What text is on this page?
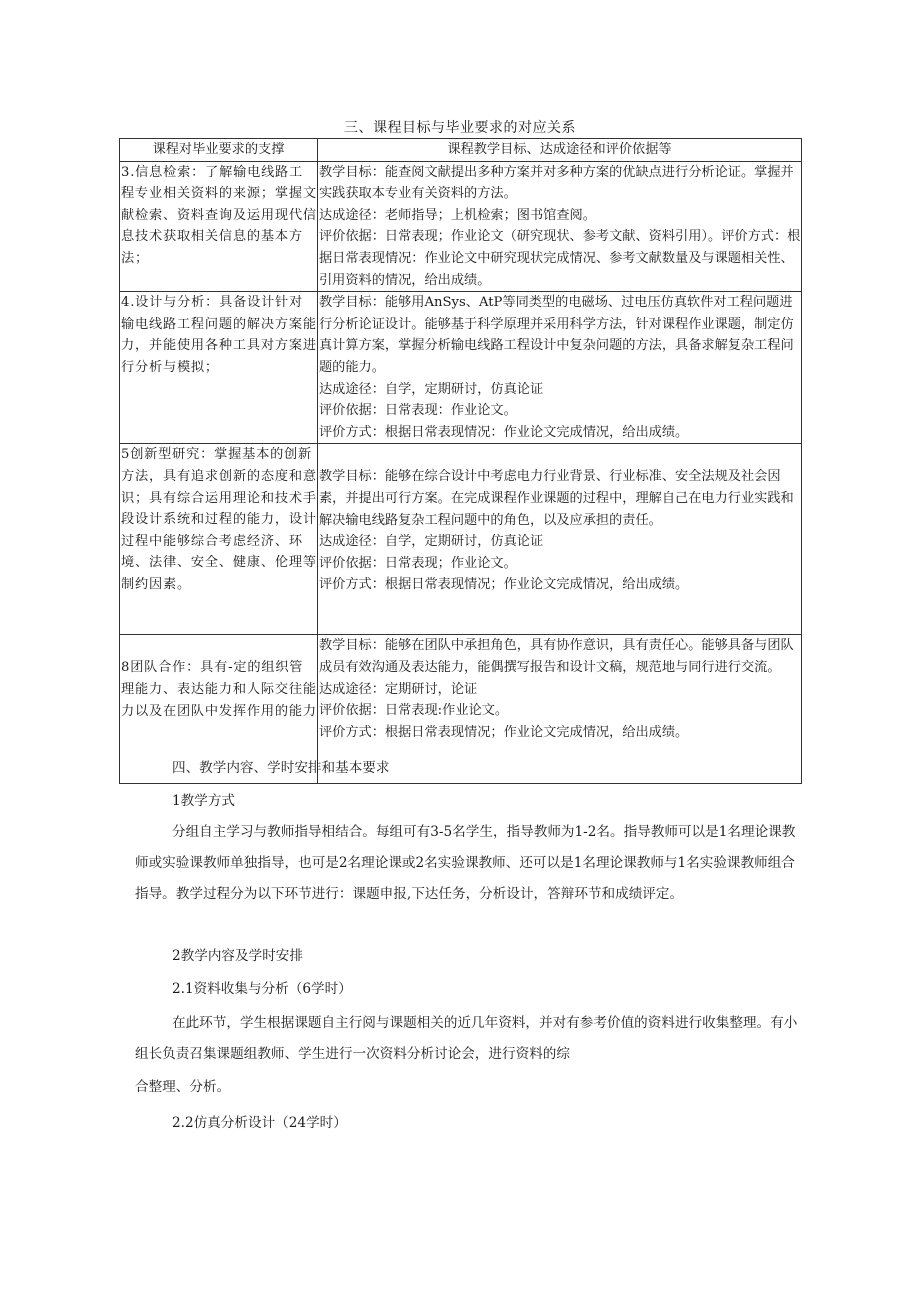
三、课程目标与毕业要求的对应关系
课程对毕业要求的支撑	课程教学目标、达成途径和评价依据等
3.信息检索：了解输电线路工程专业相关资料的来源；掌握文献检索、资料查询及运用现代信息技术获取相关信息的基本方法；	教学目标：能查阅文献提出多种方案并对多种方案的优缺点进行分析论证。掌握并实践获取本专业有关资料的方法。

达成途径：老师指导；上机检索；图书馆查阅。

评价依据：日常表现；作业论文（研究现状、参考文献、资料引用）。评价方式：根据日常表现情况：作业论文中研究现状完成情况、参考文献数量及与课题相关性、引用资料的情况，给出成绩。

4.设计与分析：具备设计针对输电线路工程问题的解决方案能力，并能使用各种工具对方案进行分析与模拟；	教学目标：能够用AnSys、AtP等同类型的电磁场、过电压仿真软件对工程问题进行分析论证设计。能够基于科学原理并采用科学方法，针对课程作业课题，制定仿真计算方案，掌握分析输电线路工程设计中复杂问题的方法，具备求解复杂工程问题的能力。

达成途径：自学，定期研讨，仿真论证

评价依据：日常表现：作业论文。

评价方式：根据日常表现情况：作业论文完成情况，给出成绩。

5创新型研究：掌握基本的创新方法，具有追求创新的态度和意识；具有综合运用理论和技术手段设计系统和过程的能力，设计过程中能够综合考虑经济、环境、法律、安全、健康、伦理等制约因素。	教学目标：能够在综合设计中考虑电力行业背景、行业标准、安全法规及社会因素，并提出可行方案。在完成课程作业课题的过程中，理解自己在电力行业实践和解决输电线路复杂工程问题中的角色，以及应承担的责任。

达成途径：自学，定期研讨，仿真论证

评价依据：日常表现；作业论文。

评价方式：根据日常表现情况；作业论文完成情况，给出成绩。

8团队合作：具有-定的组织管理能力、表达能力和人际交往能力以及在团队中发挥作用的能力	教学目标：能够在团队中承担角色，具有协作意识，具有责任心。能够具备与团队成员有效沟通及表达能力，能偶撰写报告和设计文稿，规范地与同行进行交流。

达成途径：定期研讨，论证

评价依据：日常表现:作业论文。

评价方式：根据日常表现情况；作业论文完成情况，给出成绩。

四、教学内容、学时安排和基本要求

1教学方式

分组自主学习与教师指导相结合。每组可有3-5名学生，指导教师为1-2名。指导教师可以是1名理论课教师或实验课教师单独指导，也可是2名理论课或2名实验课教师、还可以是1名理论课教师与1名实验课教师组合指导。教学过程分为以下环节进行：课题申报,下达任务，分析设计，答辩环节和成绩评定。

2教学内容及学时安排

2.1资料收集与分析（6学时）

在此环节，学生根据课题自主行阅与课题相关的近几年资料，并对有参考价值的资料进行收集整理。有小组长负责召集课题组教师、学生进行一次资料分析讨论会，进行资料的综

合整理、分析。

2.2仿真分析设计（24学时）
